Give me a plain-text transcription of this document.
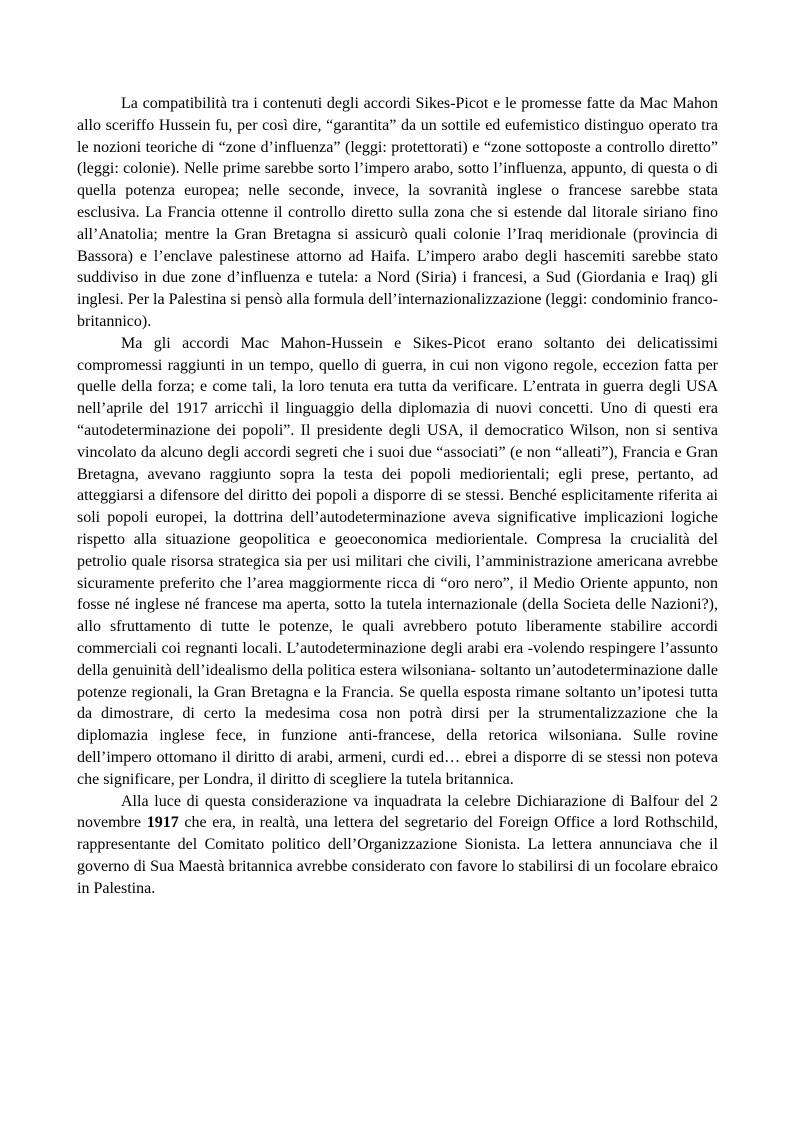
La compatibilità tra i contenuti degli accordi Sikes-Picot e le promesse fatte da Mac Mahon allo sceriffo Hussein fu, per così dire, “garantita” da un sottile ed eufemistico distinguo operato tra le nozioni teoriche di “zone d’influenza” (leggi: protettorati) e “zone sottoposte a controllo diretto” (leggi: colonie). Nelle prime sarebbe sorto l’impero arabo, sotto l’influenza, appunto, di questa o di quella potenza europea; nelle seconde, invece, la sovranità inglese o francese sarebbe stata esclusiva. La Francia ottenne il controllo diretto sulla zona che si estende dal litorale siriano fino all’Anatolia; mentre la Gran Bretagna si assicurò quali colonie l’Iraq meridionale (provincia di Bassora) e l’enclave palestinese attorno ad Haifa. L’impero arabo degli hascemiti sarebbe stato suddiviso in due zone d’influenza e tutela: a Nord (Siria) i francesi, a Sud (Giordania e Iraq) gli inglesi. Per la Palestina si pensò alla formula dell’internazionalizzazione (leggi: condominio franco-britannico).

Ma gli accordi Mac Mahon-Hussein e Sikes-Picot erano soltanto dei delicatissimi compromessi raggiunti in un tempo, quello di guerra, in cui non vigono regole, eccezion fatta per quelle della forza; e come tali, la loro tenuta era tutta da verificare. L’entrata in guerra degli USA nell’aprile del 1917 arricchì il linguaggio della diplomazia di nuovi concetti. Uno di questi era “autodeterminazione dei popoli”. Il presidente degli USA, il democratico Wilson, non si sentiva vincolato da alcuno degli accordi segreti che i suoi due “associati” (e non “alleati”), Francia e Gran Bretagna, avevano raggiunto sopra la testa dei popoli mediorientali; egli prese, pertanto, ad atteggiarsi a difensore del diritto dei popoli a disporre di se stessi. Benché esplicitamente riferita ai soli popoli europei, la dottrina dell’autodeterminazione aveva significative implicazioni logiche rispetto alla situazione geopolitica e geoeconomica mediorientale. Compresa la crucialità del petrolio quale risorsa strategica sia per usi militari che civili, l’amministrazione americana avrebbe sicuramente preferito che l’area maggiormente ricca di “oro nero”, il Medio Oriente appunto, non fosse né inglese né francese ma aperta, sotto la tutela internazionale (della Societa delle Nazioni?), allo sfruttamento di tutte le potenze, le quali avrebbero potuto liberamente stabilire accordi commerciali coi regnanti locali. L’autodeterminazione degli arabi era -volendo respingere l’assunto della genuinità dell’idealismo della politica estera wilsoniana- soltanto un’autodeterminazione dalle potenze regionali, la Gran Bretagna e la Francia. Se quella esposta rimane soltanto un’ipotesi tutta da dimostrare, di certo la medesima cosa non potrà dirsi per la strumentalizzazione che la diplomazia inglese fece, in funzione anti-francese, della retorica wilsoniana. Sulle rovine dell’impero ottomano il diritto di arabi, armeni, curdi ed… ebrei a disporre di se stessi non poteva che significare, per Londra, il diritto di scegliere la tutela britannica.

Alla luce di questa considerazione va inquadrata la celebre Dichiarazione di Balfour del 2 novembre 1917 che era, in realtà, una lettera del segretario del Foreign Office a lord Rothschild, rappresentante del Comitato politico dell’Organizzazione Sionista. La lettera annunciava che il governo di Sua Maestà britannica avrebbe considerato con favore lo stabilirsi di un focolare ebraico in Palestina.
